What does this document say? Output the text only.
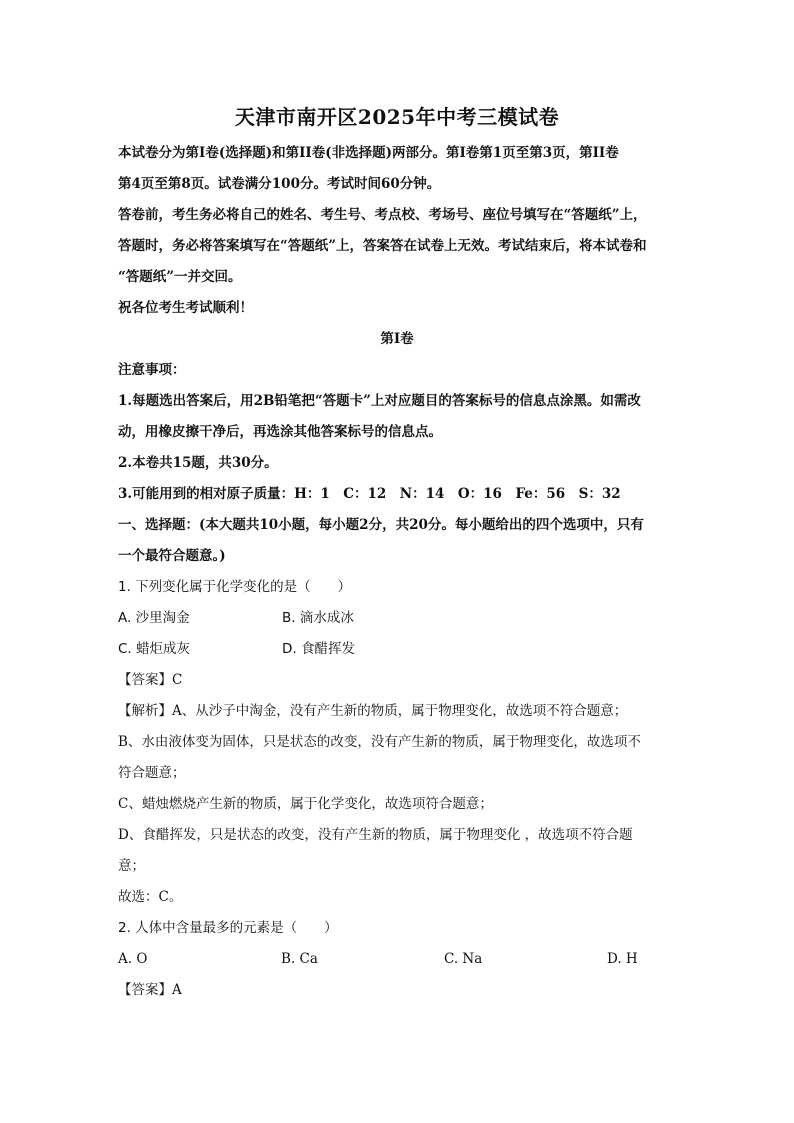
天津市南开区2025年中考三模试卷

本试卷分为第I卷(选择题)和第II卷(非选择题)两部分。第I卷第1页至第3页，第II卷

第4页至第8页。试卷满分100分。考试时间60分钟。

答卷前，考生务必将自己的姓名、考生号、考点校、考场号、座位号填写在“答题纸”上，

答题时，务必将答案填写在“答题纸”上，答案答在试卷上无效。考试结束后，将本试卷和

“答题纸”一并交回。

祝各位考生考试顺利！

第I卷

注意事项：

1.每题选出答案后，用2B铅笔把“答题卡”上对应题目的答案标号的信息点涂黑。如需改

动，用橡皮擦干净后，再选涂其他答案标号的信息点。

2.本卷共15题，共30分。

3.可能用到的相对原子质量：H：1　C：12　N：14　O：16　Fe：56　S：32

一、选择题：(本大题共10小题，每小题2分，共20分。每小题给出的四个选项中，只有

一个最符合题意。)

1. 下列变化属于化学变化的是（　　）

A. 沙里淘金	B. 滴水成冰
C. 蜡炬成灰	D. 食醋挥发

【答案】C

【解析】A、从沙子中淘金，没有产生新的物质，属于物理变化，故选项不符合题意；

B、水由液体变为固体，只是状态的改变，没有产生新的物质，属于物理变化，故选项不

符合题意；

C、蜡烛燃烧产生新的物质，属于化学变化，故选项符合题意；

D、食醋挥发，只是状态的改变，没有产生新的物质，属于物理变化 ，故选项不符合题

意；

故选：C。

2. 人体中含量最多的元素是（　　）

A. O	B. Ca	C. Na	D. H

【答案】A
